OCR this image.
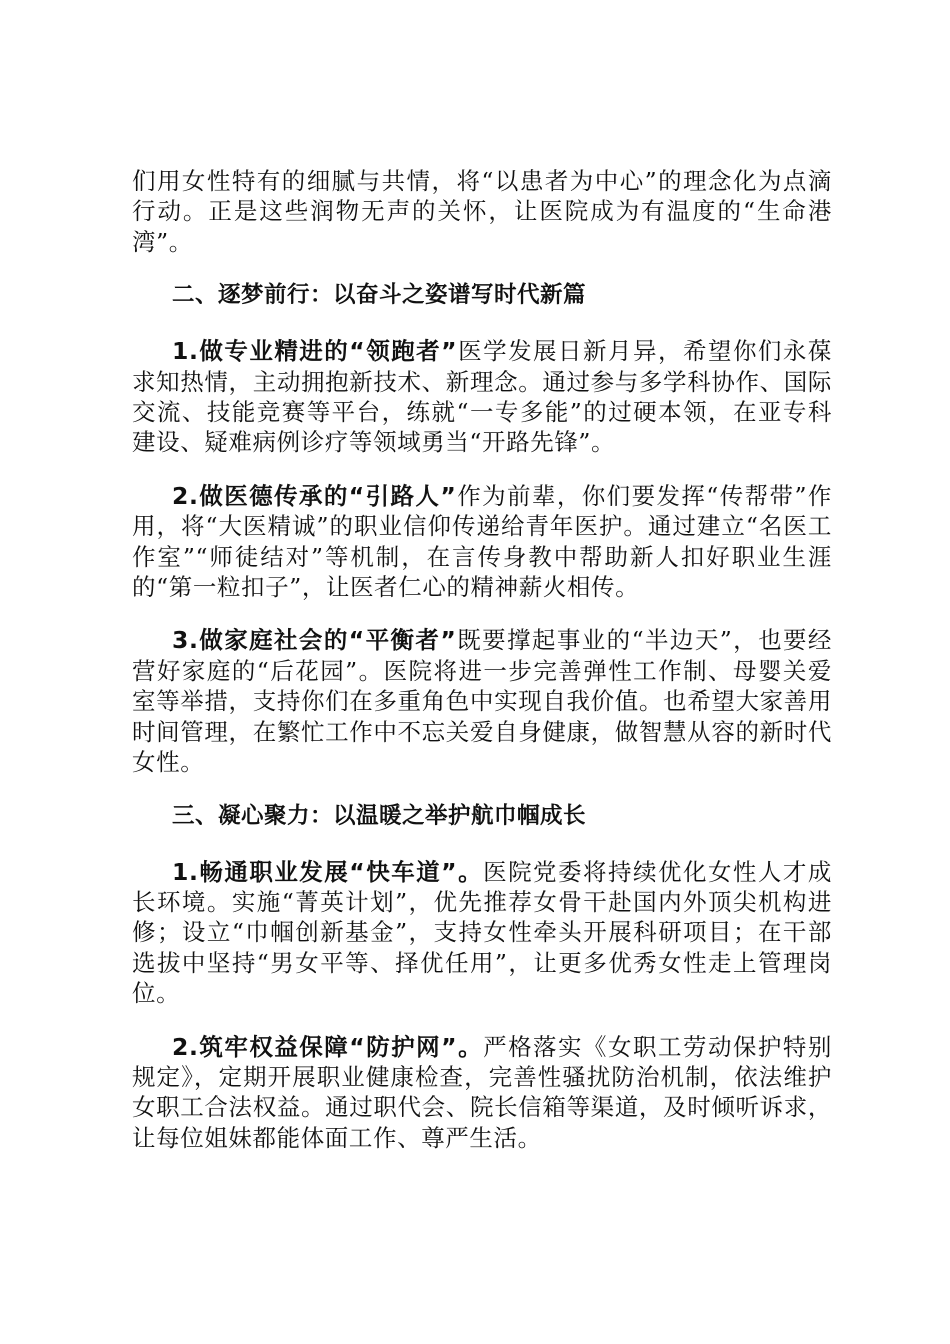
们用女性特有的细腻与共情，将“以患者为中心”的理念化为点滴行动。正是这些润物无声的关怀，让医院成为有温度的“生命港湾”。

二、逐梦前行：以奋斗之姿谱写时代新篇

1.做专业精进的“领跑者”医学发展日新月异，希望你们永葆求知热情，主动拥抱新技术、新理念。通过参与多学科协作、国际交流、技能竞赛等平台，练就“一专多能”的过硬本领，在亚专科建设、疑难病例诊疗等领域勇当“开路先锋”。

2.做医德传承的“引路人”作为前辈，你们要发挥“传帮带”作用，将“大医精诚”的职业信仰传递给青年医护。通过建立“名医工作室”“师徒结对”等机制，在言传身教中帮助新人扣好职业生涯的“第一粒扣子”，让医者仁心的精神薪火相传。

3.做家庭社会的“平衡者”既要撑起事业的“半边天”，也要经营好家庭的“后花园”。医院将进一步完善弹性工作制、母婴关爱室等举措，支持你们在多重角色中实现自我价值。也希望大家善用时间管理，在繁忙工作中不忘关爱自身健康，做智慧从容的新时代女性。

三、凝心聚力：以温暖之举护航巾帼成长

1.畅通职业发展“快车道”。医院党委将持续优化女性人才成长环境。实施“菁英计划”，优先推荐女骨干赴国内外顶尖机构进修；设立“巾帼创新基金”，支持女性牵头开展科研项目；在干部选拔中坚持“男女平等、择优任用”，让更多优秀女性走上管理岗位。

2.筑牢权益保障“防护网”。严格落实《女职工劳动保护特别规定》，定期开展职业健康检查，完善性骚扰防治机制，依法维护女职工合法权益。通过职代会、院长信箱等渠道，及时倾听诉求，让每位姐妹都能体面工作、尊严生活。
